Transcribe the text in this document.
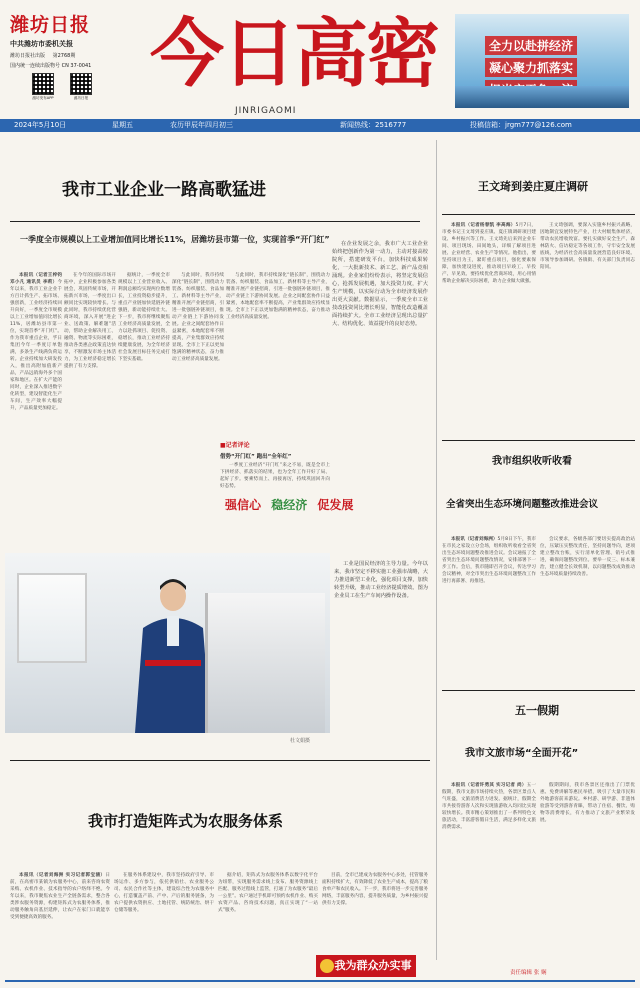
潍坊日报
中共潍坊市委机关报
潍坊日报社出版 第2768期
国内统一连续出版物号 CN 37-0041
潍坊发布APP	潍坊日报
今日高密
JINRIGAOMI
全力以赴拼经济
凝心聚力抓落实
2024年5月10日	星期五	农历甲辰年四月初三	新闻热线：2516777	投稿信箱：jrgm777@126.com
我市工业企业一路高歌猛进
一季度全市规模以上工业增加值同比增长11%，居潍坊县市第一位，实现首季“开门红”

本报讯（记者王梓钧 邓小凡 通讯员 李莉）今年以来，我市工业企业千方百计抓生产、拓市场、强创新，工业经济持续回升向好，一季度全市规模以上工业增加值同比增长11%，居潍坊县市第一位，实现首季“开门红”。作为我市重点企业，孚日集团今年一季度订单饱满，多条生产线满负荷运转。企业持续加大研发投入，推出高附加值新产品，产品远销海外多个国家和地区。在扩大产能的同时，企业深入推进数字化转型，建设智能化生产车间，生产效率大幅提升，产品质量更加稳定。

在今年的国际市场开拓中，企业积极参加各类展会，巩固传统市场，开拓新兴市场，一季度出口额同比实现较快增长。与此同时，我市持续优化营商环境，深入开展“进企业、送政策、解难题”活动，帮助企业解决用工、融资、物流等实际困难，推动各类惠企政策直达快享，不断激发市场主体活力，为工业经济稳定增长提供了有力支撑。

据统计，一季度全市规模以上工业营业收入、利润总额均实现两位数增长，工业投资稳步提升，重点产业链加快延链补链强链，新动能持续壮大。下一步，我市将继续聚焦工业经济高质量发展，全力以赴抓项目、促投资、稳增长，推动工业经济持续健康发展，为全年经济社会发展目标任务完成打下坚实基础。

与此同时，我市持续深化“链长制”，围绕动力装备、纺织服装、食品加工、新材料等主导产业，精准开展产业链招商，引进一批强链补链项目，推动产业链上下游协同发展。企业之间配套协作日益紧密，本地配套率不断提高，产业集群效应持续显现。全市上下正以更加饱满的精神状态，奋力推动工业经济高质量发展。

与此同时，我市持续深化“链长制”，围绕动力装备、纺织服装、食品加工、新材料等主导产业，精准开展产业链招商，引进一批强链补链项目，推动产业链上下游协同发展。企业之间配套协作日益紧密，本地配套率不断提高，产业集群效应持续显现。全市上下正以更加饱满的精神状态，奋力推动工业经济高质量发展。

■记者评论
借势“开门红” 跑出“全年红”

一季度工业经济“开门红”来之不易，既是全市上下拼经济、抓落实的结果，也为全年工作开好了局、起好了步。要乘势而上、再接再厉，持续巩固回升向好态势。

强信心 稳经济 促发展

在企业发展之余，我市广大工业企业始终把创新作为第一动力，主动对接高校院所，搭建研发平台，加快科技成果转化，一大批新技术、新工艺、新产品竞相涌现。企业家们纷纷表示，将坚定发展信心，抢抓发展机遇，加大投资力度，扩大生产规模，以实际行动为全市经济发展作出更大贡献。数据显示，一季度全市工业技改投资同比增长明显，智能化改造覆盖面持续扩大。全市工业经济呈现出总量扩大、结构优化、效益提升的良好态势。

工业是国民经济的主导力量。今年以来，我市坚定不移实施工业强市战略，大力推进新型工业化，强化项目支撑，加快转型升级，推动工业经济提质增效。图为企业员工在生产车间内操作设备。

杜文娟摄
我市打造矩阵式为农服务体系

本报讯（记者刘海洲 实习记者郭宝涵）日前，在高密市某镇为农服务中心，前来咨询农资采购、农机作业、技术指导的农户络绎不绝。今年以来，我市聚焦农业生产全链条需求，整合各类涉农服务资源，构建矩阵式为农服务体系，推动服务触角向基层延伸，让农户在家门口就能享受到便捷高效的服务。

在服务体系建设中，我市坚持政府引导、市场运作、多方参与，依托供销社、农业服务公司、农民合作社等主体，建设综合性为农服务中心，打造覆盖产前、产中、产后的服务链条，为农户提供农资供应、土地托管、统防统治、烘干仓储等服务。

据介绍，矩阵式为农服务体系以数字化平台为纽带，实现服务需求线上发布、服务资源线上匹配、服务过程线上监管，打通了为农服务“最后一公里”。农户通过手机即可预约农机作业、购买农资产品、咨询技术问题，真正实现了“一站式”服务。

目前，全市已建成为农服务中心多处，托管服务面积持续扩大，有效降低了农业生产成本，提高了粮食单产和农民收入。下一步，我市将进一步完善服务网络，丰富服务内容，提升服务质量，为乡村振兴提供有力支撑。

我为群众办实事
王文琦到姜庄夏庄调研

本报讯（记者杨春凯 李高海）5月7日，市委书记王文琦到姜庄镇、夏庄镇调研项目建设、乡村振兴等工作。王文琦先后来到企业车间、项目现场、田间地头，详细了解项目进展、企业经营、农业生产等情况。他指出，要坚持项目为王，紧盯重点项目，强化要素保障，加快建设进度，推动项目早竣工、早投产、早见效。要持续优化营商环境，用心用情帮助企业解决实际困难，助力企业做大做强。

王文琦强调，要深入实施乡村振兴战略，因地制宜发展特色产业，壮大村级集体经济，带动农民增收致富。要扎实做好安全生产、森林防火、信访稳定等各项工作，守牢安全发展底线，为经济社会高质量发展营造良好环境。市领导参加调研。各镇街、有关部门负责同志陪同。

我市组织收听收看
全省突出生态环境问题整改推进会议

本报讯（记者刘海洲）5月8日下午，我市在市民之家设立分会场，组织收听收看全省突出生态环境问题整改推进会议。会议通报了全省突出生态环境问题整改情况，安排部署下一步工作。会后，我市随即召开会议，传达学习会议精神，对全市突出生态环境问题整改工作进行再部署、再推进。

会议要求，各级各部门要切实提高政治站位，压紧压实整改责任，坚持问题导向，逐项建立整改台账，实行清单化管理、销号式推进，确保问题整改到位。要举一反三、标本兼治，建立健全长效机制，以问题整改成效推动生态环境质量持续改善。

五一假期
我市文旅市场“全面开花”

本报讯（记者许勇其 实习记者 尚）五一假期，我市文旅市场持续火热，各景区景点人气旺盛，文旅消费活力迸发。据统计，假期全市共接待游客人次和实现旅游收入均同比实现较快增长。我市精心策划推出了一系列特色文旅活动，丰富游客假日生活，满足多样化文旅消费需求。

假期期间，我市各景区还推出了门票优惠、免费讲解等惠民举措，吸引了大量市民和外地游客前来游玩。乡村游、研学游、非遗体验游等受到游客青睐，带动了住宿、餐饮、购物等消费增长，有力推动了文旅产业繁荣发展。

责任编辑 张 娴
